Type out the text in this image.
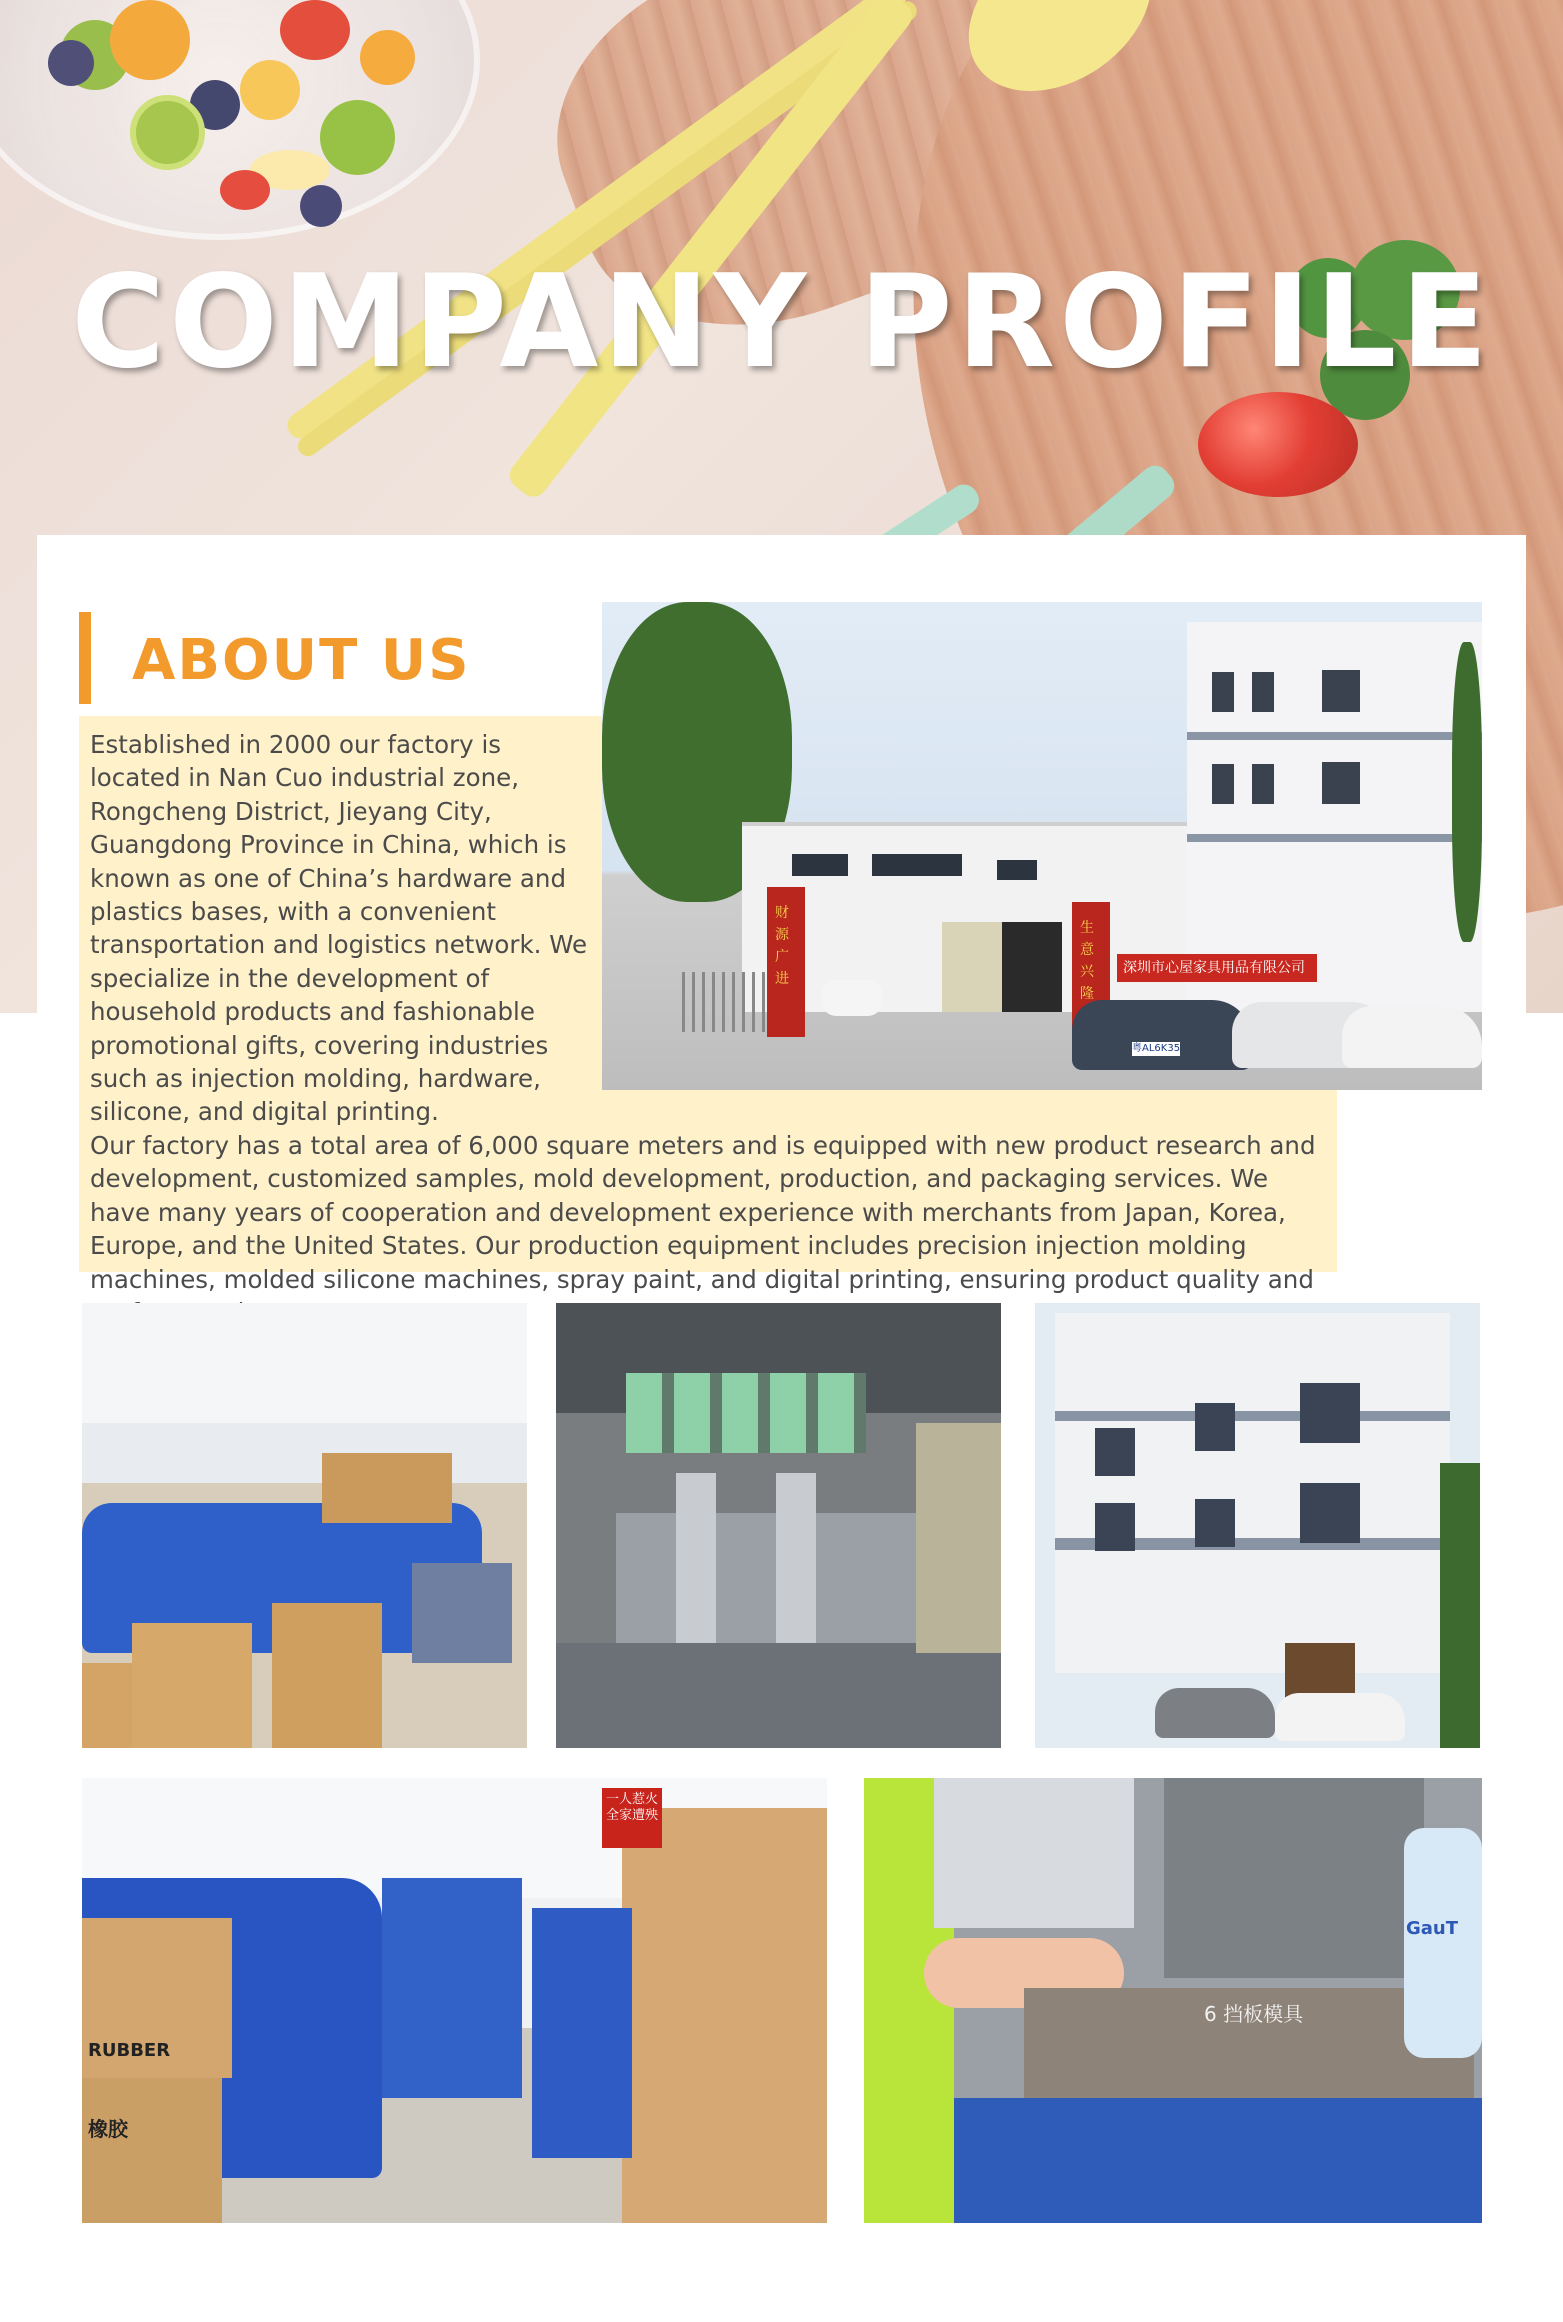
COMPANY PROFILE
ABOUT US

Established in 2000 our factory is located in Nan Cuo industrial zone, Rongcheng District, Jieyang City, Guangdong Province in China, which is known as one of China’s hardware and plastics bases, with a convenient transportation and logistics network. We specialize in the development of household products and fashionable promotional gifts, covering industries such as injection molding, hardware, silicone, and digital printing.

Our factory has a total area of 6,000 square meters and is equipped with new product research and development, customized samples, mold development, production, and packaging services. We have many years of cooperation and development experience with merchants from Japan, Korea, Europe, and the United States. Our production equipment includes precision injection molding machines, molded silicone machines, spray paint, and digital printing, ensuring product quality and

财源广进
生意兴隆
深圳市心屋家具用品有限公司
粤AL6K35
RUBBER
橡胶
一人惹火 全家遭殃
6 挡板模具
GauT
